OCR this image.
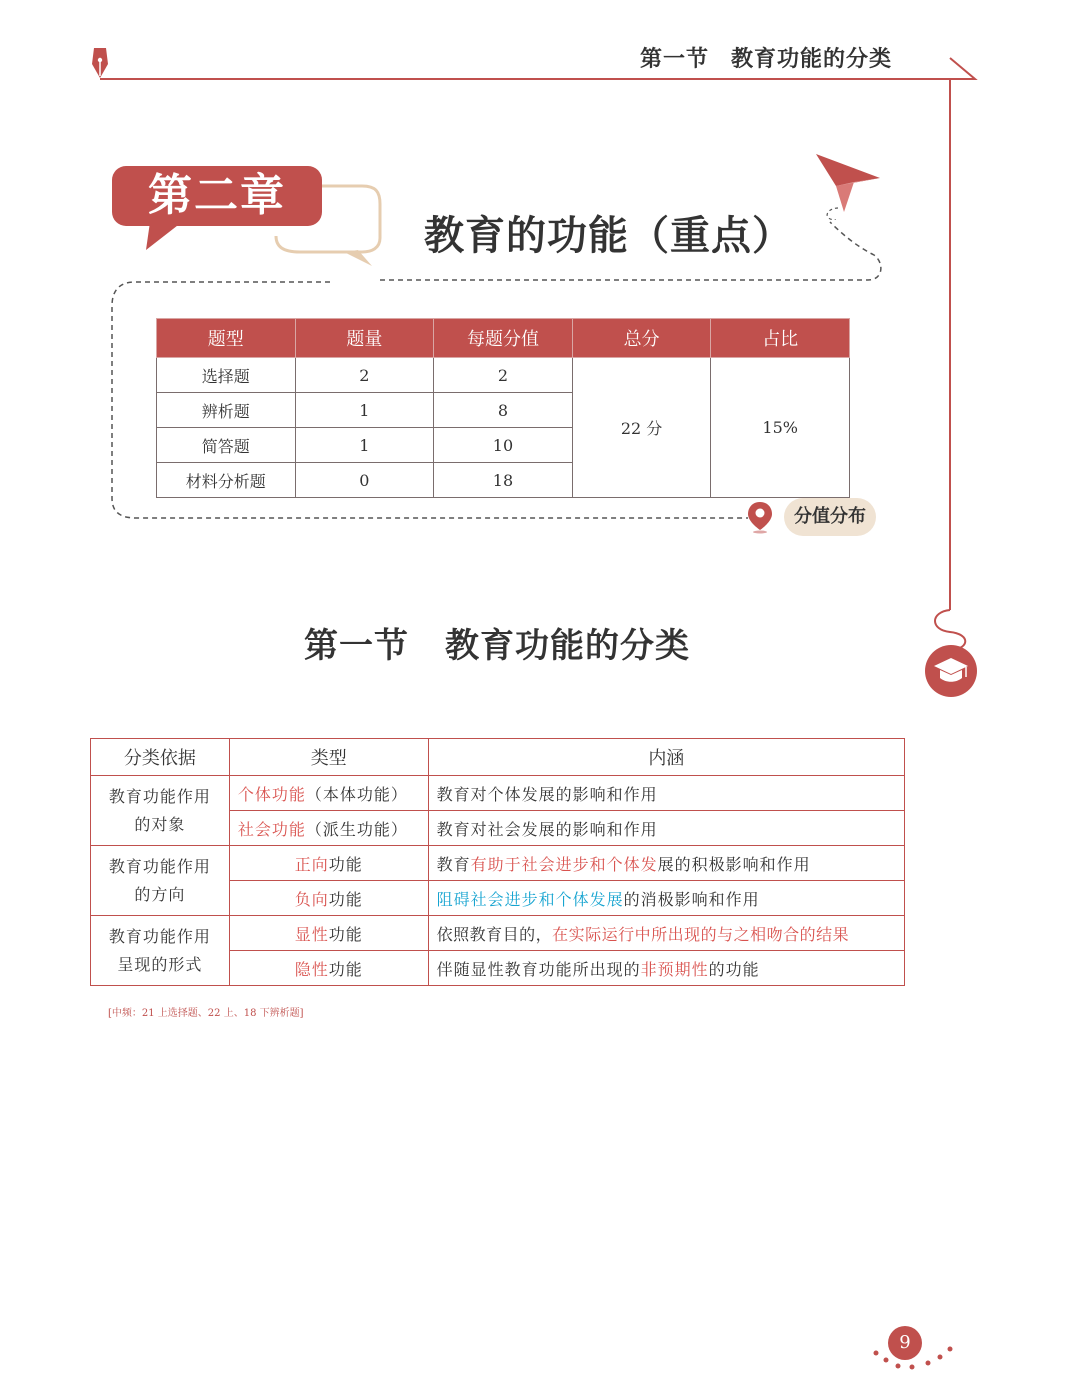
第一节 教育功能的分类
第二章
教育的功能（重点）
题型	题量	每题分值	总分	占比
选择题	2	2	22 分	15%
辨析题	1	8		
简答题	1	10		
材料分析题	0	18		
分值分布
第一节 教育功能的分类
分类依据	类型	内涵

教育功能作用
的对象	个体功能（本体功能）	教育对个体发展的影响和作用
	社会功能（派生功能）	教育对社会发展的影响和作用

教育功能作用
的方向	正向功能	教育有助于社会进步和个体发展的积极影响和作用
	负向功能	阻碍社会进步和个体发展的消极影响和作用

教育功能作用
呈现的形式	显性功能	依照教育目的，在实际运行中所出现的与之相吻合的结果
	隐性功能	伴随显性教育功能所出现的非预期性的功能
[中频：21 上选择题、22 上、18 下辨析题]
9
